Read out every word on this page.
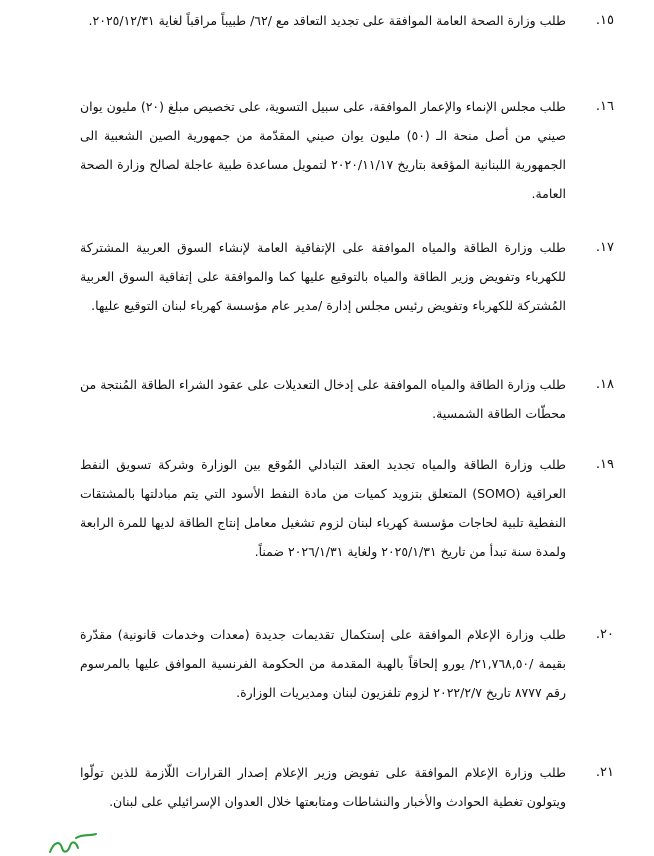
١٥.
طلب وزارة الصحة العامة الموافقة على تجديد التعاقد مع /٦٢/ طبيباً مراقباً لغاية ٢٠٢٥/١٢/٣١.
١٦.
طلب مجلس الإنماء والإعمار الموافقة، على سبيل التسوية، على تخصيص مبلغ (٢٠) مليون يوان صيني من أصل منحة الـ (٥٠) مليون يوان صيني المقدّمة من جمهورية الصين الشعبية الى الجمهورية اللبنانية المؤقعة بتاريخ ٢٠٢٠/١١/١٧ لتمويل مساعدة طبية عاجلة لصالح وزارة الصحة العامة.
١٧.
طلب وزارة الطاقة والمياه الموافقة على الإتفاقية العامة لإنشاء السوق العربية المشتركة للكهرباء وتفويض وزير الطاقة والمياه بالتوقيع عليها كما والموافقة على إتفاقية السوق العربية المُشتركة للكهرباء وتفويض رئيس مجلس إدارة /مدير عام مؤسسة كهرباء لبنان التوقيع عليها.
١٨.
طلب وزارة الطاقة والمياه الموافقة على إدخال التعديلات على عقود الشراء الطاقة المُنتجة من محطّات الطاقة الشمسية.
١٩.
طلب وزارة الطاقة والمياه تجديد العقد التبادلي المُوقع بين الوزارة وشركة تسويق النفط العراقية (SOMO) المتعلق بتزويد كميات من مادة النفط الأسود التي يتم مبادلتها بالمشتقات النفطية تلبية لحاجات مؤسسة كهرباء لبنان لزوم تشغيل معامل إنتاج الطاقة لديها للمرة الرابعة ولمدة سنة تبدأ من تاريخ ٢٠٢٥/١/٣١ ولغاية ٢٠٢٦/١/٣١ ضمناً.
٢٠.
طلب وزارة الإعلام الموافقة على إستكمال تقديمات جديدة (معدات وخدمات قانونية) مقدّرة بقيمة /٢١,٧٦٨,٥٠/ يورو إلحاقاً بالهبة المقدمة من الحكومة الفرنسية الموافق عليها بالمرسوم رقم ٨٧٧٧ تاريخ ٢٠٢٢/٢/٧ لزوم تلفزيون لبنان ومديريات الوزارة.
٢١.
طلب وزارة الإعلام الموافقة على تفويض وزير الإعلام إصدار القرارات اللّازمة للذين تولّوا ويتولون تغطية الحوادث والأخبار والنشاطات ومتابعتها خلال العدوان الإسرائيلي على لبنان.
